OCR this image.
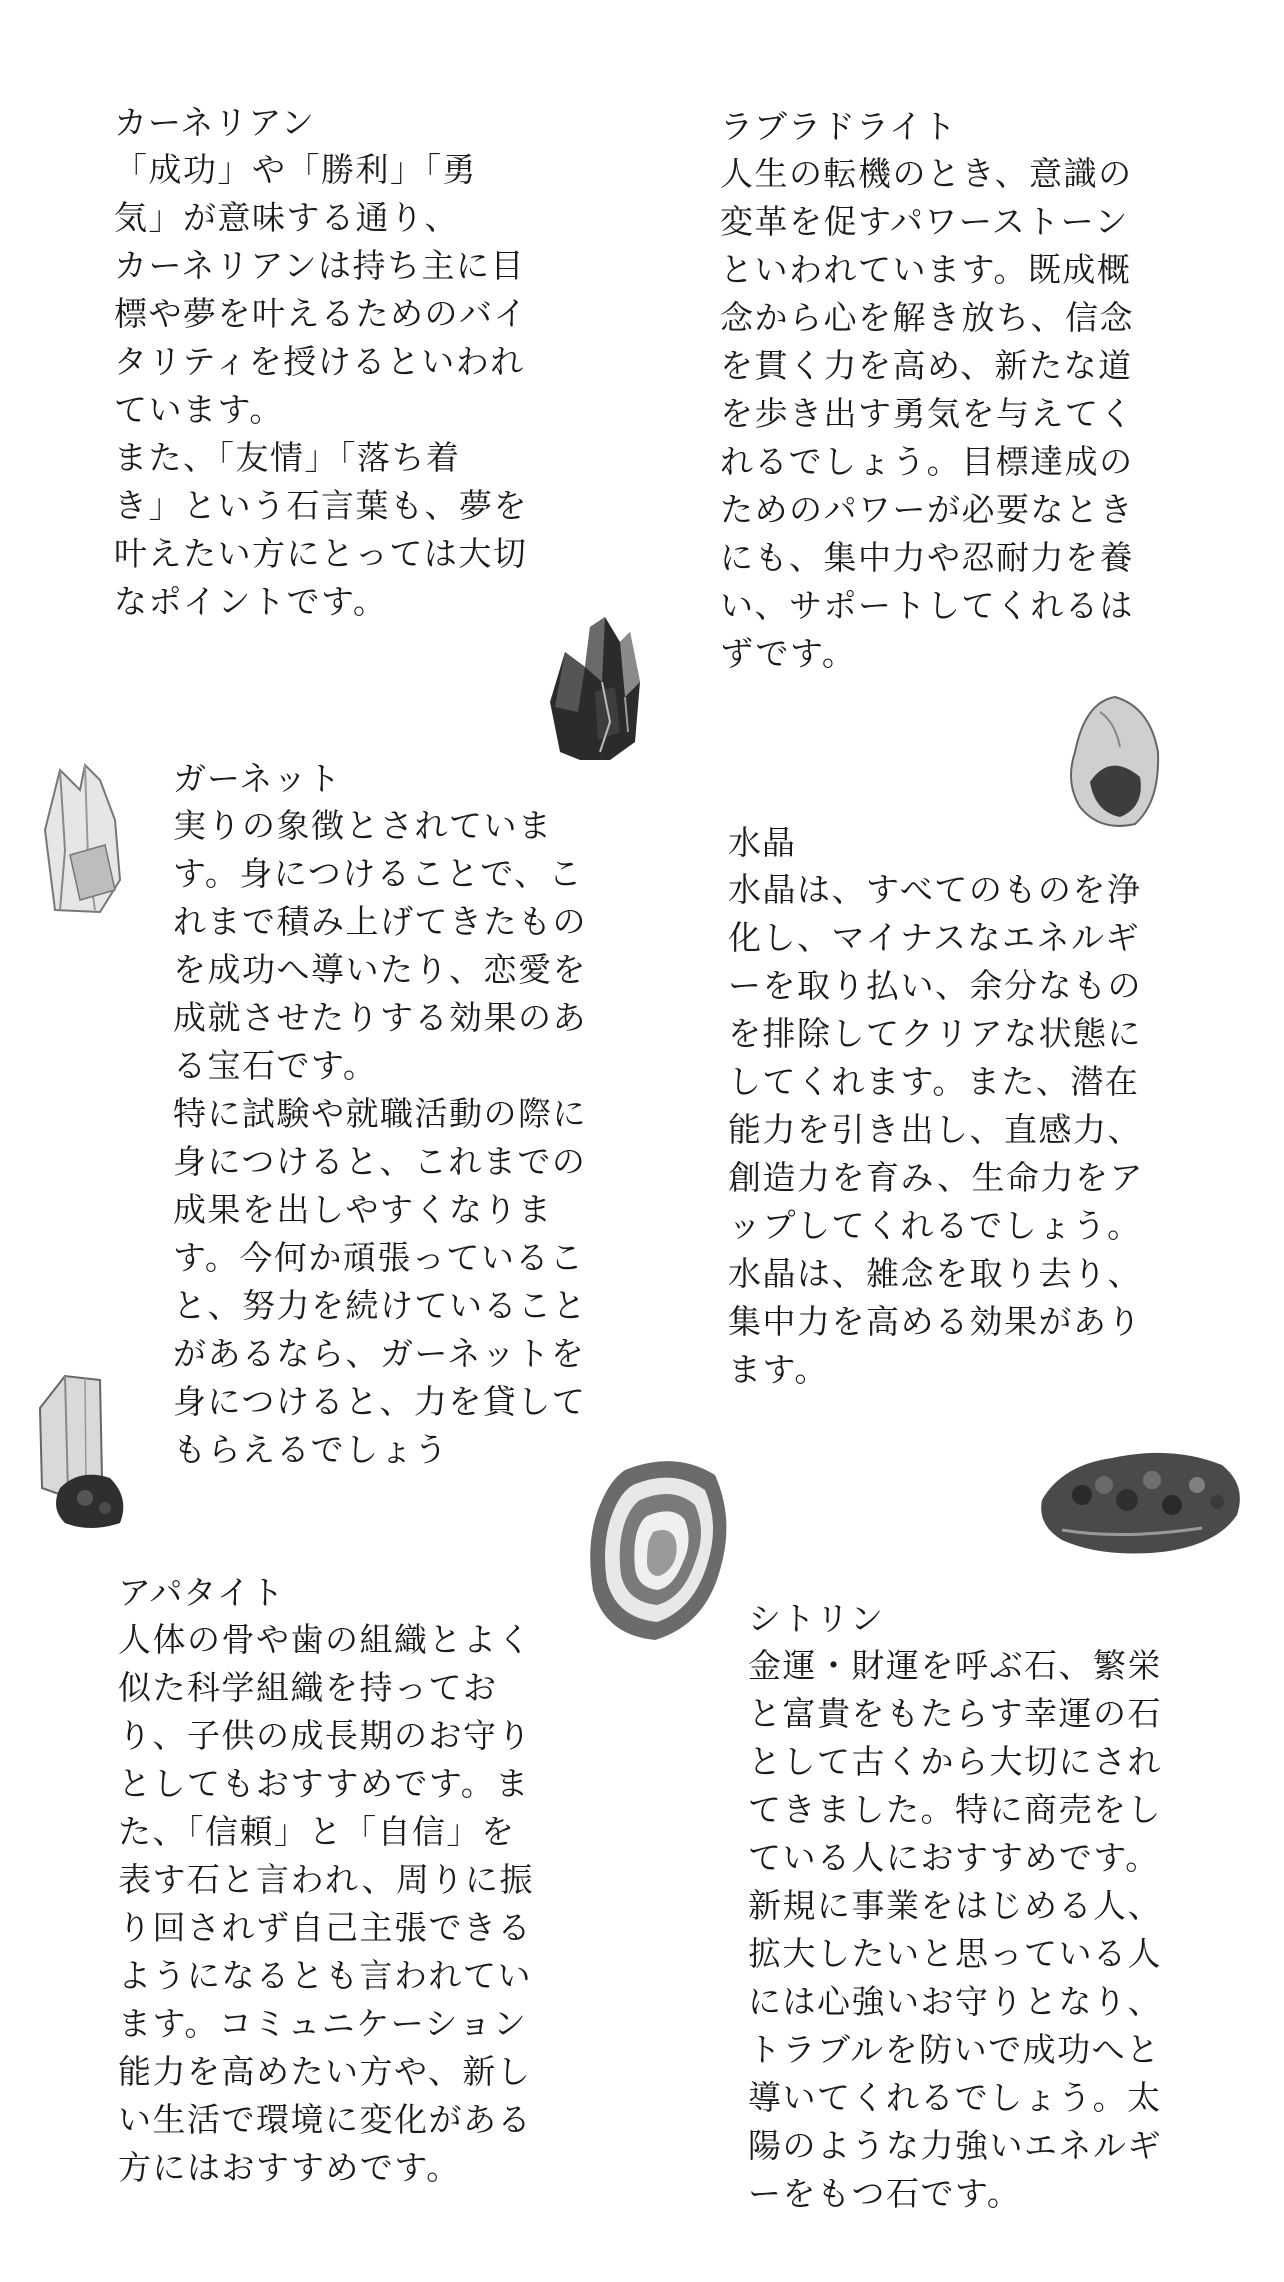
カーネリアン

「成功」や「勝利」「勇
気」が意味する通り、
カーネリアンは持ち主に目
標や夢を叶えるためのバイ
タリティを授けるといわれ
ています。
また、「友情」「落ち着
き」という石言葉も、夢を
叶えたい方にとっては大切
なポイントです。

ラブラドライト

人生の転機のとき、意識の
変革を促すパワーストーン
といわれています。既成概
念から心を解き放ち、信念
を貫く力を高め、新たな道
を歩き出す勇気を与えてく
れるでしょう。目標達成の
ためのパワーが必要なとき
にも、集中力や忍耐力を養
い、サポートしてくれるは
ずです。

ガーネット

実りの象徴とされていま
す。身につけることで、こ
れまで積み上げてきたもの
を成功へ導いたり、恋愛を
成就させたりする効果のあ
る宝石です。
特に試験や就職活動の際に
身につけると、これまでの
成果を出しやすくなりま
す。今何か頑張っているこ
と、努力を続けていること
があるなら、ガーネットを
身につけると、力を貸して
もらえるでしょう

水晶

水晶は、すべてのものを浄
化し、マイナスなエネルギ
ーを取り払い、余分なもの
を排除してクリアな状態に
してくれます。また、潜在
能力を引き出し、直感力、
創造力を育み、生命力をア
ップしてくれるでしょう。
水晶は、雑念を取り去り、
集中力を高める効果があり
ます。

アパタイト

人体の骨や歯の組織とよく
似た科学組織を持ってお
り、子供の成長期のお守り
としてもおすすめです。ま
た、「信頼」と「自信」を
表す石と言われ、周りに振
り回されず自己主張できる
ようになるとも言われてい
ます。コミュニケーション
能力を高めたい方や、新し
い生活で環境に変化がある
方にはおすすめです。

シトリン

金運・財運を呼ぶ石、繁栄
と富貴をもたらす幸運の石
として古くから大切にされ
てきました。特に商売をし
ている人におすすめです。
新規に事業をはじめる人、
拡大したいと思っている人
には心強いお守りとなり、
トラブルを防いで成功へと
導いてくれるでしょう。太
陽のような力強いエネルギ
ーをもつ石です。
